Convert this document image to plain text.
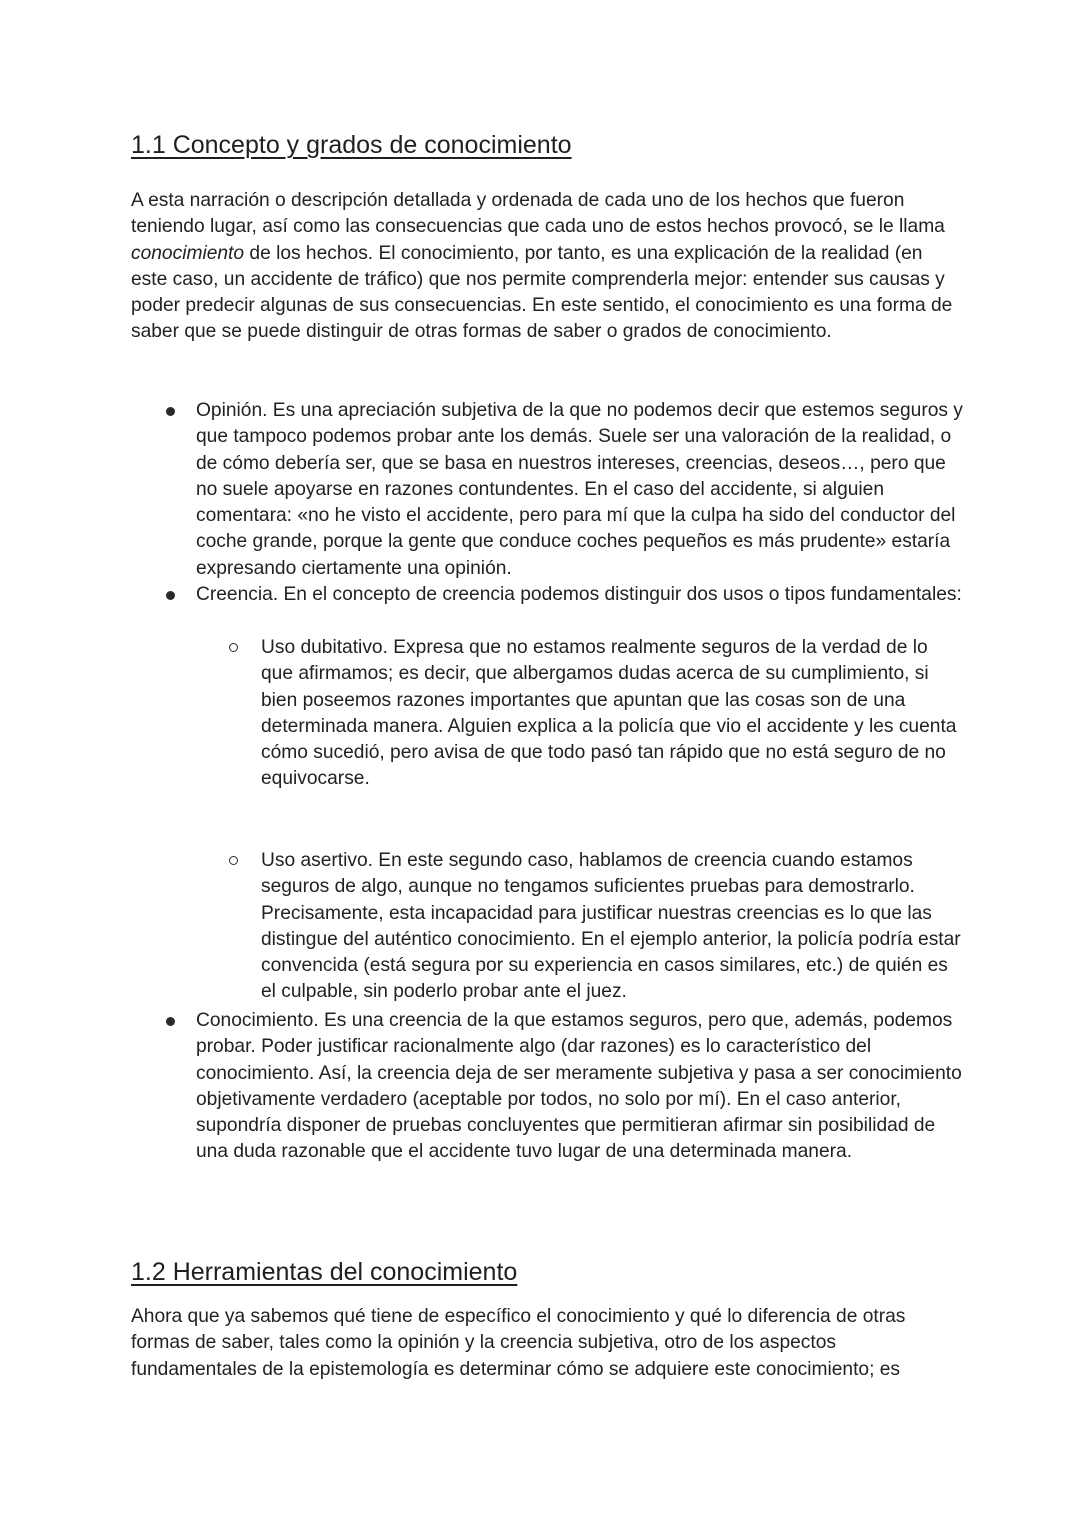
1.1 Concepto y grados de conocimiento

A esta narración o descripción detallada y ordenada de cada uno de los hechos que fueron teniendo lugar, así como las consecuencias que cada uno de estos hechos provocó, se le llama conocimiento de los hechos. El conocimiento, por tanto, es una explicación de la realidad (en este caso, un accidente de tráfico) que nos permite comprenderla mejor: entender sus causas y poder predecir algunas de sus consecuencias. En este sentido, el conocimiento es una forma de saber que se puede distinguir de otras formas de saber o grados de conocimiento.

Opinión. Es una apreciación subjetiva de la que no podemos decir que estemos seguros y que tampoco podemos probar ante los demás. Suele ser una valoración de la realidad, o de cómo debería ser, que se basa en nuestros intereses, creencias, deseos…, pero que no suele apoyarse en razones contundentes. En el caso del accidente, si alguien comentara: «no he visto el accidente, pero para mí que la culpa ha sido del conductor del coche grande, porque la gente que conduce coches pequeños es más prudente» estaría expresando ciertamente una opinión.

Creencia. En el concepto de creencia podemos distinguir dos usos o tipos fundamentales:

Uso dubitativo. Expresa que no estamos realmente seguros de la verdad de lo que afirmamos; es decir, que albergamos dudas acerca de su cumplimiento, si bien poseemos razones importantes que apuntan que las cosas son de una determinada manera. Alguien explica a la policía que vio el accidente y les cuenta cómo sucedió, pero avisa de que todo pasó tan rápido que no está seguro de no equivocarse.

Uso asertivo. En este segundo caso, hablamos de creencia cuando estamos seguros de algo, aunque no tengamos suficientes pruebas para demostrarlo. Precisamente, esta incapacidad para justificar nuestras creencias es lo que las distingue del auténtico conocimiento. En el ejemplo anterior, la policía podría estar convencida (está segura por su experiencia en casos similares, etc.) de quién es el culpable, sin poderlo probar ante el juez.

Conocimiento. Es una creencia de la que estamos seguros, pero que, además, podemos probar. Poder justificar racionalmente algo (dar razones) es lo característico del conocimiento. Así, la creencia deja de ser meramente subjetiva y pasa a ser conocimiento objetivamente verdadero (aceptable por todos, no solo por mí). En el caso anterior, supondría disponer de pruebas concluyentes que permitieran afirmar sin posibilidad de una duda razonable que el accidente tuvo lugar de una determinada manera.

1.2 Herramientas del conocimiento

Ahora que ya sabemos qué tiene de específico el conocimiento y qué lo diferencia de otras formas de saber, tales como la opinión y la creencia subjetiva, otro de los aspectos fundamentales de la epistemología es determinar cómo se adquiere este conocimiento; es
